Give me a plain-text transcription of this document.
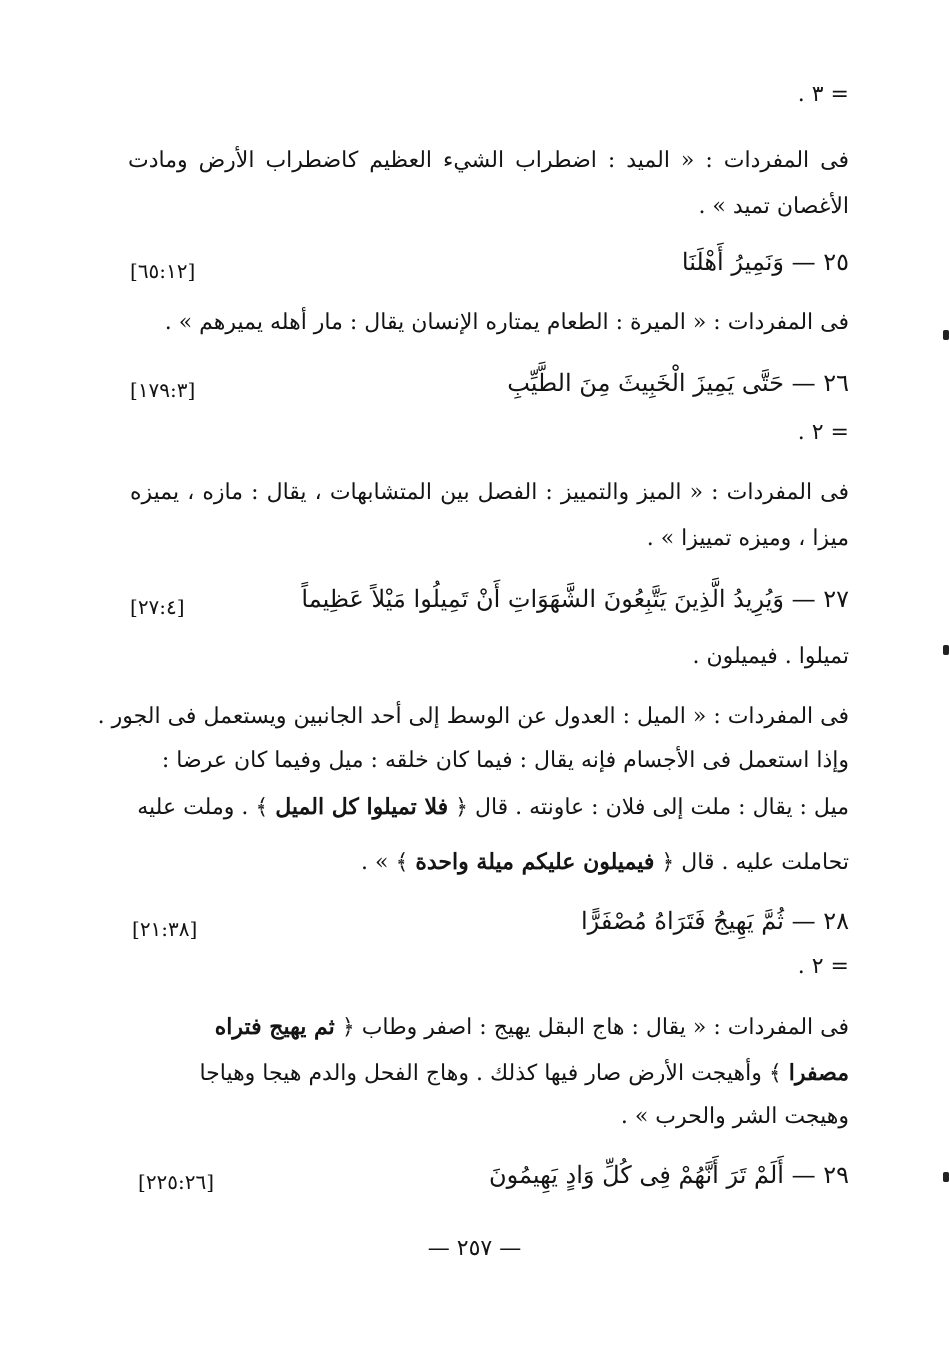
= ٣ .
فى المفردات : « الميد : اضطراب الشيء العظيم كاضطراب الأرض ومادت الأغصان تميد » .
٢٥ — وَنَمِيرُ أَهْلَنَا
[٦٥:١٢]
فى المفردات : « الميرة : الطعام يمتاره الإنسان يقال : مار أهله يميرهم » .
٢٦ — حَتَّى يَمِيزَ الْخَبِيثَ مِنَ الطَّيِّبِ
[١٧٩:٣]
= ٢ .
فى المفردات : « الميز والتمييز : الفصل بين المتشابهات ، يقال : مازه ، يميزه ميزا ، وميزه تمييزا » .
٢٧ — وَيُرِيدُ الَّذِينَ يَتَّبِعُونَ الشَّهَوَاتِ أَنْ تَمِيلُوا مَيْلاً عَظِيماً
[٢٧:٤]
تميلوا . فيميلون .
فى المفردات : « الميل : العدول عن الوسط إلى أحد الجانبين ويستعمل فى الجور .
وإذا استعمل فى الأجسام فإنه يقال : فيما كان خلقه : ميل وفيما كان عرضا :
ميل : يقال : ملت إلى فلان : عاونته . قال ﴿ فلا تميلوا كل الميل ﴾ . وملت عليه
تحاملت عليه . قال ﴿ فيميلون عليكم ميلة واحدة ﴾ » .
٢٨ — ثُمَّ يَهِيجُ فَتَرَاهُ مُصْفَرًّا
[٢١:٣٨]
= ٢ .
فى المفردات : « يقال : هاج البقل يهيج : اصفر وطاب ﴿ ثم يهيج فتراه
مصفرا ﴾ وأهيجت الأرض صار فيها كذلك . وهاج الفحل والدم هيجا وهياجا
وهيجت الشر والحرب » .
٢٩ — أَلَمْ تَرَ أَنَّهُمْ فِى كُلِّ وَادٍ يَهِيمُونَ
[٢٢٥:٢٦]
— ٢٥٧ —
